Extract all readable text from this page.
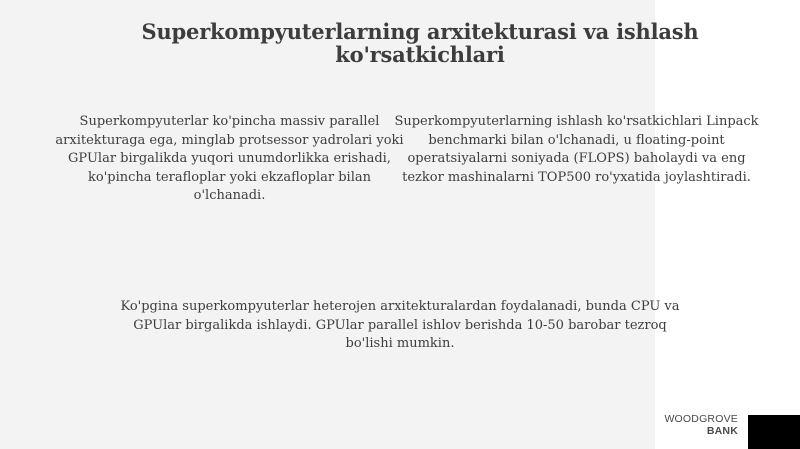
Superkompyuterlarning arxitekturasi va ishlash ko'rsatkichlari

Superkompyuterlar ko'pincha massiv parallel arxitekturaga ega, minglab protsessor yadrolari yoki GPUlar birgalikda yuqori unumdorlikka erishadi, ko'pincha terafloplar yoki ekzafloplar bilan o'lchanadi.

Superkompyuterlarning ishlash ko'rsatkichlari Linpack benchmarki bilan o'lchanadi, u floating-point operatsiyalarni soniyada (FLOPS) baholaydi va eng tezkor mashinalarni TOP500 ro'yxatida joylashtiradi.

Ko'pgina superkompyuterlar heterojen arxitekturalardan foydalanadi, bunda CPU va GPUlar birgalikda ishlaydi. GPUlar parallel ishlov berishda 10-50 barobar tezroq bo'lishi mumkin.

WOODGROVE
BANK
